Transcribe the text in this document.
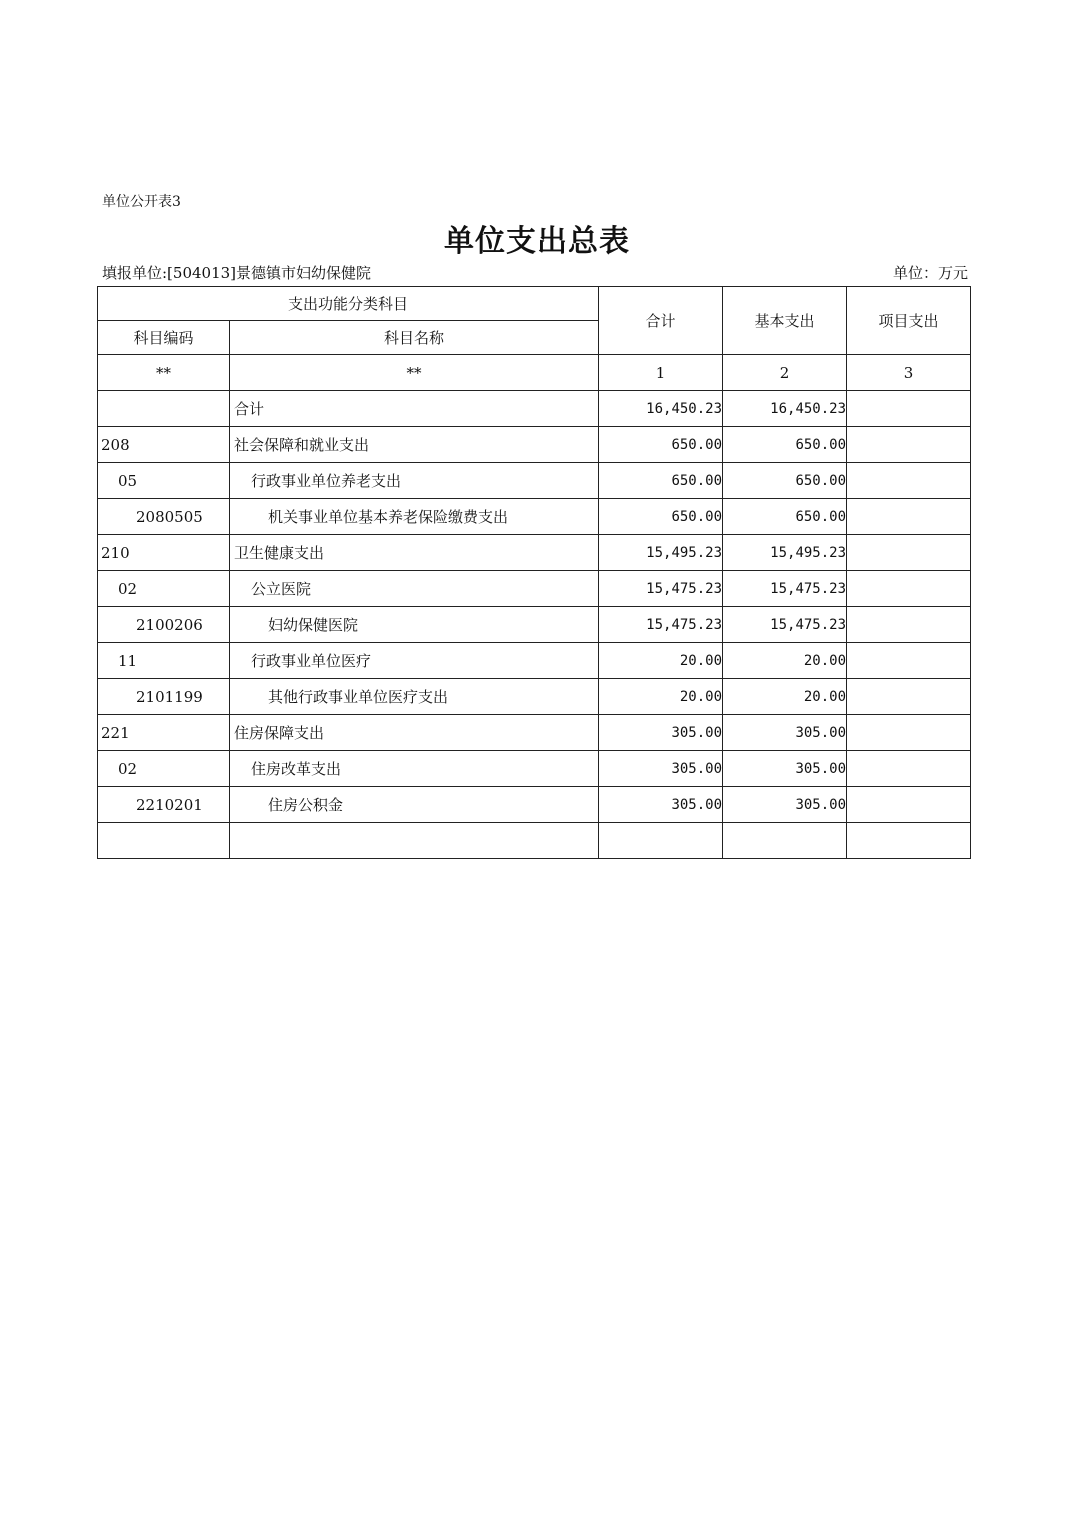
单位公开表3
单位支出总表
填报单位:[504013]景德镇市妇幼保健院	单位：万元
支出功能分类科目		合计	基本支出	项目支出
科目编码	科目名称			
**	**	1	2	3
	合计	16,450.23	16,450.23	
208	社会保障和就业支出	650.00	650.00	
05	行政事业单位养老支出	650.00	650.00	
2080505	机关事业单位基本养老保险缴费支出	650.00	650.00	
210	卫生健康支出	15,495.23	15,495.23	
02	公立医院	15,475.23	15,475.23	
2100206	妇幼保健医院	15,475.23	15,475.23	
11	行政事业单位医疗	20.00	20.00	
2101199	其他行政事业单位医疗支出	20.00	20.00	
221	住房保障支出	305.00	305.00	
02	住房改革支出	305.00	305.00	
2210201	住房公积金	305.00	305.00	
